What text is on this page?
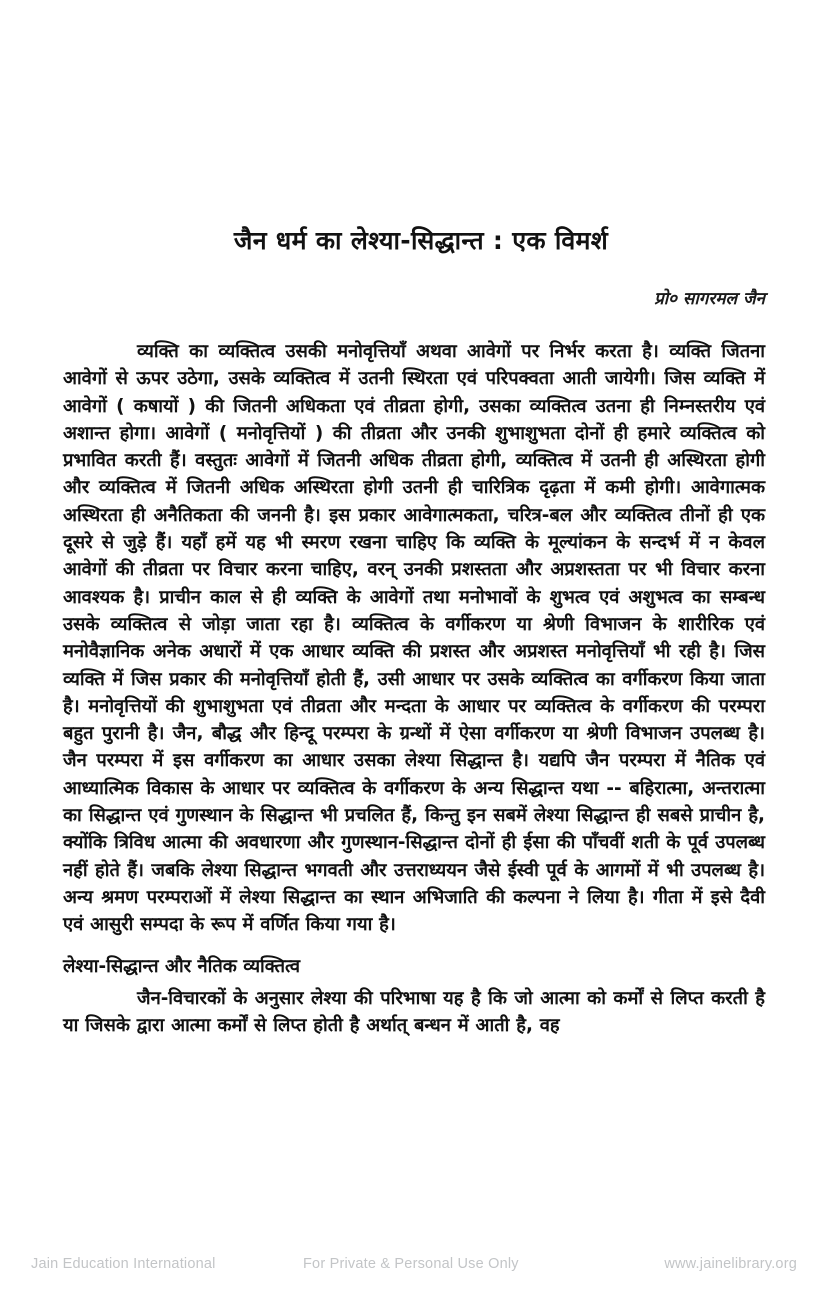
जैन धर्म का लेश्या-सिद्धान्त : एक विमर्श
प्रो० सागरमल जैन

व्यक्ति का व्यक्तित्व उसकी मनोवृत्तियाँ अथवा आवेगों पर निर्भर करता है। व्यक्ति जितना आवेगों से ऊपर उठेगा, उसके व्यक्तित्व में उतनी स्थिरता एवं परिपक्वता आती जायेगी। जिस व्यक्ति में आवेगों ( कषायों ) की जितनी अधिकता एवं तीव्रता होगी, उसका व्यक्तित्व उतना ही निम्नस्तरीय एवं अशान्त होगा। आवेगों ( मनोवृत्तियों ) की तीव्रता और उनकी शुभाशुभता दोनों ही हमारे व्यक्तित्व को प्रभावित करती हैं। वस्तुतः आवेगों में जितनी अधिक तीव्रता होगी, व्यक्तित्व में उतनी ही अस्थिरता होगी और व्यक्तित्व में जितनी अधिक अस्थिरता होगी उतनी ही चारित्रिक दृढ़ता में कमी होगी। आवेगात्मक अस्थिरता ही अनैतिकता की जननी है। इस प्रकार आवेगात्मकता, चरित्र-बल और व्यक्तित्व तीनों ही एक दूसरे से जुड़े हैं। यहाँ हमें यह भी स्मरण रखना चाहिए कि व्यक्ति के मूल्यांकन के सन्दर्भ में न केवल आवेगों की तीव्रता पर विचार करना चाहिए, वरन् उनकी प्रशस्तता और अप्रशस्तता पर भी विचार करना आवश्यक है। प्राचीन काल से ही व्यक्ति के आवेगों तथा मनोभावों के शुभत्व एवं अशुभत्व का सम्बन्ध उसके व्यक्तित्व से जोड़ा जाता रहा है। व्यक्तित्व के वर्गीकरण या श्रेणी विभाजन के शारीरिक एवं मनोवैज्ञानिक अनेक अधारों में एक आधार व्यक्ति की प्रशस्त और अप्रशस्त मनोवृत्तियाँ भी रही है। जिस व्यक्ति में जिस प्रकार की मनोवृत्तियाँ होती हैं, उसी आधार पर उसके व्यक्तित्व का वर्गीकरण किया जाता है। मनोवृत्तियों की शुभाशुभता एवं तीव्रता और मन्दता के आधार पर व्यक्तित्व के वर्गीकरण की परम्परा बहुत पुरानी है। जैन, बौद्ध और हिन्दू परम्परा के ग्रन्थों में ऐसा वर्गीकरण या श्रेणी विभाजन उपलब्ध है। जैन परम्परा में इस वर्गीकरण का आधार उसका लेश्या सिद्धान्त है। यद्यपि जैन परम्परा में नैतिक एवं आध्यात्मिक विकास के आधार पर व्यक्तित्व के वर्गीकरण के अन्य सिद्धान्त यथा -- बहिरात्मा, अन्तरात्मा का सिद्धान्त एवं गुणस्थान के सिद्धान्त भी प्रचलित हैं, किन्तु इन सबमें लेश्या सिद्धान्त ही सबसे प्राचीन है, क्योंकि त्रिविध आत्मा की अवधारणा और गुणस्थान-सिद्धान्त दोनों ही ईसा की पाँचवीं शती के पूर्व उपलब्ध नहीं होते हैं। जबकि लेश्या सिद्धान्त भगवती और उत्तराध्ययन जैसे ईस्वी पूर्व के आगमों में भी उपलब्ध है। अन्य श्रमण परम्पराओं में लेश्या सिद्धान्त का स्थान अभिजाति की कल्पना ने लिया है। गीता में इसे दैवी एवं आसुरी सम्पदा के रूप में वर्णित किया गया है।

लेश्या-सिद्धान्त और नैतिक व्यक्तित्व

जैन-विचारकों के अनुसार लेश्या की परिभाषा यह है कि जो आत्मा को कर्मों से लिप्त करती है या जिसके द्वारा आत्मा कर्मों से लिप्त होती है अर्थात् बन्धन में आती है, वह

Jain Education International	For Private & Personal Use Only	www.jainelibrary.org
